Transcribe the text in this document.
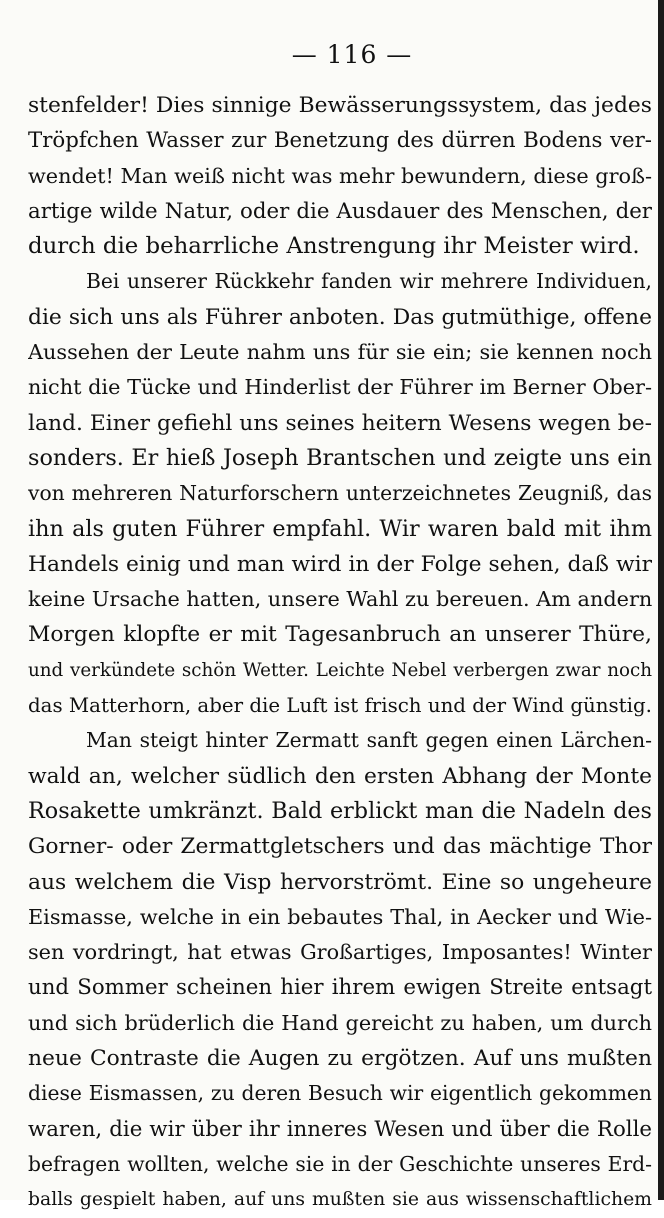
— 116 —
stenfelder! Dies sinnige Bewässerungssystem, das jedes
Tröpfchen Wasser zur Benetzung des dürren Bodens ver-
wendet! Man weiß nicht was mehr bewundern, diese groß-
artige wilde Natur, oder die Ausdauer des Menschen, der
durch die beharrliche Anstrengung ihr Meister wird.
Bei unserer Rückkehr fanden wir mehrere Individuen,
die sich uns als Führer anboten. Das gutmüthige, offene
Aussehen der Leute nahm uns für sie ein; sie kennen noch
nicht die Tücke und Hinderlist der Führer im Berner Ober-
land. Einer gefiehl uns seines heitern Wesens wegen be-
sonders. Er hieß Joseph Brantschen und zeigte uns ein
von mehreren Naturforschern unterzeichnetes Zeugniß, das
ihn als guten Führer empfahl. Wir waren bald mit ihm
Handels einig und man wird in der Folge sehen, daß wir
keine Ursache hatten, unsere Wahl zu bereuen. Am andern
Morgen klopfte er mit Tagesanbruch an unserer Thüre,
und verkündete schön Wetter. Leichte Nebel verbergen zwar noch
das Matterhorn, aber die Luft ist frisch und der Wind günstig.
Man steigt hinter Zermatt sanft gegen einen Lärchen-
wald an, welcher südlich den ersten Abhang der Monte
Rosakette umkränzt. Bald erblickt man die Nadeln des
Gorner- oder Zermattgletschers und das mächtige Thor
aus welchem die Visp hervorströmt. Eine so ungeheure
Eismasse, welche in ein bebautes Thal, in Aecker und Wie-
sen vordringt, hat etwas Großartiges, Imposantes! Winter
und Sommer scheinen hier ihrem ewigen Streite entsagt
und sich brüderlich die Hand gereicht zu haben, um durch
neue Contraste die Augen zu ergötzen. Auf uns mußten
diese Eismassen, zu deren Besuch wir eigentlich gekommen
waren, die wir über ihr inneres Wesen und über die Rolle
befragen wollten, welche sie in der Geschichte unseres Erd-
balls gespielt haben, auf uns mußten sie aus wissenschaftlichem
